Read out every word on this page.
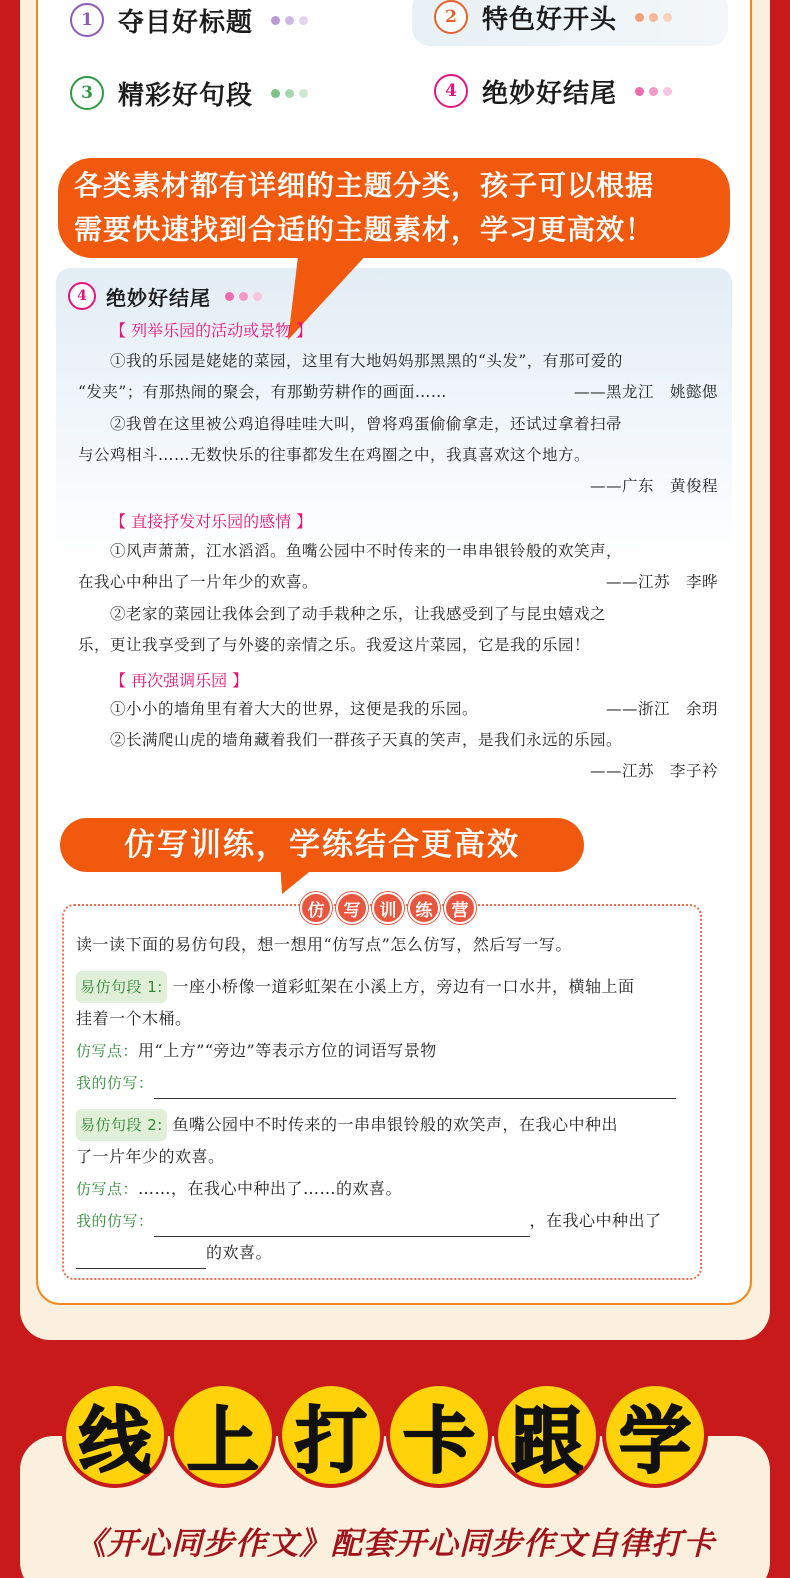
1 夺目好标题	2 特色好开头
3 精彩好句段	4 绝妙好结尾
各类素材都有详细的主题分类，孩子可以根据
需要快速找到合适的主题素材，学习更高效！
4 绝妙好结尾
【 列举乐园的活动或景物 】
①我的乐园是姥姥的菜园，这里有大地妈妈那黑黑的“头发”，有那可爱的
“发夹”；有那热闹的聚会，有那勤劳耕作的画面……	——黑龙江　姚懿偲
②我曾在这里被公鸡追得哇哇大叫，曾将鸡蛋偷偷拿走，还试过拿着扫帚
与公鸡相斗……无数快乐的往事都发生在鸡圈之中，我真喜欢这个地方。
——广东　黄俊程
【 直接抒发对乐园的感情 】
①风声萧萧，江水滔滔。鱼嘴公园中不时传来的一串串银铃般的欢笑声，
在我心中种出了一片年少的欢喜。	——江苏　李晔
②老家的菜园让我体会到了动手栽种之乐，让我感受到了与昆虫嬉戏之
乐，更让我享受到了与外婆的亲情之乐。我爱这片菜园，它是我的乐园！
【 再次强调乐园 】
①小小的墙角里有着大大的世界，这便是我的乐园。	——浙江　余玥
②长满爬山虎的墙角藏着我们一群孩子天真的笑声，是我们永远的乐园。
——江苏　李子衿
仿写训练，学练结合更高效
仿	写	训	练	营
读一读下面的易仿句段，想一想用“仿写点”怎么仿写，然后写一写。
易仿句段 1: 一座小桥像一道彩虹架在小溪上方，旁边有一口水井，横轴上面
挂着一个木桶。
仿写点：用“上方”“旁边”等表示方位的词语写景物
我的仿写：
易仿句段 2: 鱼嘴公园中不时传来的一串串银铃般的欢笑声，在我心中种出
了一片年少的欢喜。
仿写点：……，在我心中种出了……的欢喜。
我的仿写：	，在我心中种出了
的欢喜。
线 上 打 卡 跟 学
《开心同步作文》配套开心同步作文自律打卡
